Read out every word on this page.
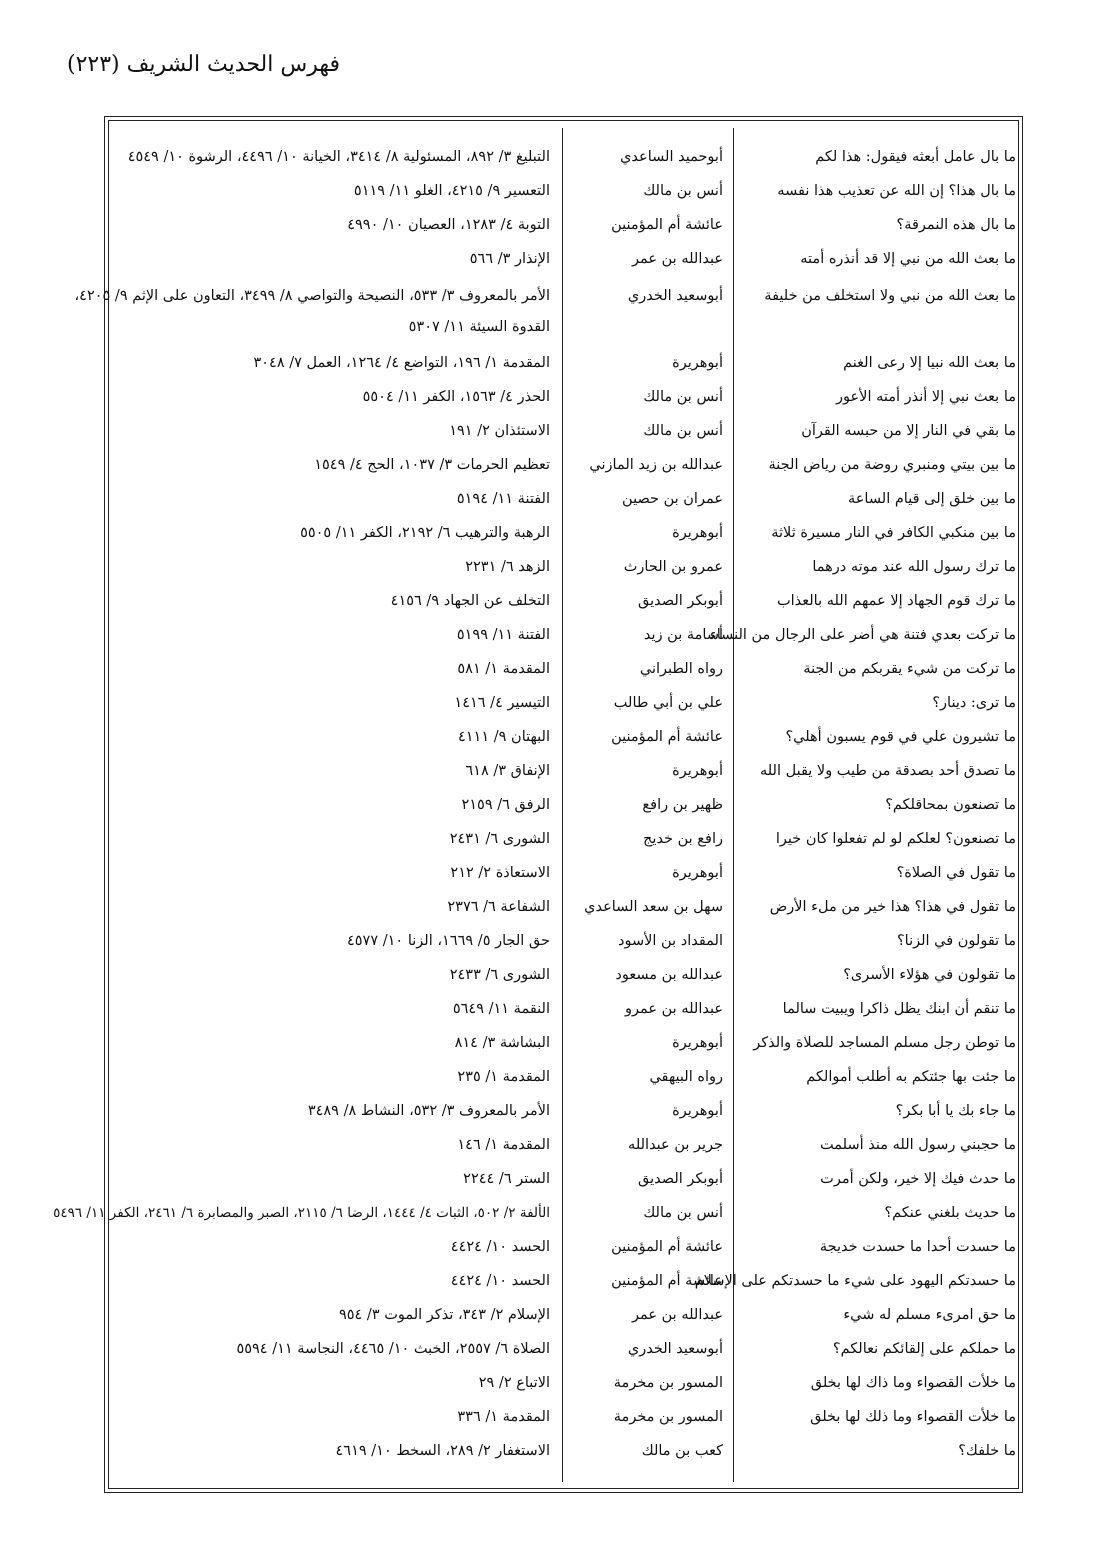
فهرس الحديث الشريف (٢٢٣)
ما بال عامل أبعثه فيقول: هذا لكم
أبوحميد الساعدي
التبليغ ٣/ ٨٩٢، المسئولية ٨/ ٣٤١٤، الخيانة ١٠/ ٤٤٩٦، الرشوة ١٠/ ٤٥٤٩
ما بال هذا؟ إن الله عن تعذيب هذا نفسه
أنس بن مالك
التعسير ٩/ ٤٢١٥، الغلو ١١/ ٥١١٩
ما بال هذه النمرقة؟
عائشة أم المؤمنين
التوبة ٤/ ١٢٨٣، العصيان ١٠/ ٤٩٩٠
ما بعث الله من نبي إلا قد أنذره أمته
عبدالله بن عمر
الإنذار ٣/ ٥٦٦
ما بعث الله من نبي ولا استخلف من خليفة
أبوسعيد الخدري
الأمر بالمعروف ٣/ ٥٣٣، النصيحة والتواصي ٨/ ٣٤٩٩، التعاون على الإثم ٩/ ٤٢٠٥،
القدوة السيئة ١١/ ٥٣٠٧
ما بعث الله نبيا إلا رعى الغنم
أبوهريرة
المقدمة ١/ ١٩٦، التواضع ٤/ ١٢٦٤، العمل ٧/ ٣٠٤٨
ما بعث نبي إلا أنذر أمته الأعور
أنس بن مالك
الحذر ٤/ ١٥٦٣، الكفر ١١/ ٥٥٠٤
ما بقي في النار إلا من حبسه القرآن
أنس بن مالك
الاستئذان ٢/ ١٩١
ما بين بيتي ومنبري روضة من رياض الجنة
عبدالله بن زيد المازني
تعظيم الحرمات ٣/ ١٠٣٧، الحج ٤/ ١٥٤٩
ما بين خلق إلى قيام الساعة
عمران بن حصين
الفتنة ١١/ ٥١٩٤
ما بين منكبي الكافر في النار مسيرة ثلاثة
أبوهريرة
الرهبة والترهيب ٦/ ٢١٩٢، الكفر ١١/ ٥٥٠٥
ما ترك رسول الله عند موته درهما
عمرو بن الحارث
الزهد ٦/ ٢٢٣١
ما ترك قوم الجهاد إلا عمهم الله بالعذاب
أبوبكر الصديق
التخلف عن الجهاد ٩/ ٤١٥٦
ما تركت بعدي فتنة هي أضر على الرجال من النساء
أسامة بن زيد
الفتنة ١١/ ٥١٩٩
ما تركت من شيء يقربكم من الجنة
رواه الطبراني
المقدمة ١/ ٥٨١
ما ترى: دينار؟
علي بن أبي طالب
التيسير ٤/ ١٤١٦
ما تشيرون علي في قوم يسبون أهلي؟
عائشة أم المؤمنين
البهتان ٩/ ٤١١١
ما تصدق أحد بصدقة من طيب ولا يقبل الله
أبوهريرة
الإنفاق ٣/ ٦١٨
ما تصنعون بمحاقلكم؟
ظهير بن رافع
الرفق ٦/ ٢١٥٩
ما تصنعون؟ لعلكم لو لم تفعلوا كان خيرا
رافع بن خديج
الشورى ٦/ ٢٤٣١
ما تقول في الصلاة؟
أبوهريرة
الاستعاذة ٢/ ٢١٢
ما تقول في هذا؟ هذا خير من ملء الأرض
سهل بن سعد الساعدي
الشفاعة ٦/ ٢٣٧٦
ما تقولون في الزنا؟
المقداد بن الأسود
حق الجار ٥/ ١٦٦٩، الزنا ١٠/ ٤٥٧٧
ما تقولون في هؤلاء الأسرى؟
عبدالله بن مسعود
الشورى ٦/ ٢٤٣٣
ما تنقم أن ابنك يظل ذاكرا ويبيت سالما
عبدالله بن عمرو
النقمة ١١/ ٥٦٤٩
ما توطن رجل مسلم المساجد للصلاة والذكر
أبوهريرة
البشاشة ٣/ ٨١٤
ما جئت بها جئتكم به أطلب أموالكم
رواه البيهقي
المقدمة ١/ ٢٣٥
ما جاء بك يا أبا بكر؟
أبوهريرة
الأمر بالمعروف ٣/ ٥٣٢، النشاط ٨/ ٣٤٨٩
ما حجبني رسول الله منذ أسلمت
جرير بن عبدالله
المقدمة ١/ ١٤٦
ما حدث فيك إلا خير، ولكن أمرت
أبوبكر الصديق
الستر ٦/ ٢٢٤٤
ما حديث بلغني عنكم؟
أنس بن مالك
الألفة ٢/ ٥٠٢، الثبات ٤/ ١٤٤٤، الرضا ٦/ ٢١١٥، الصبر والمصابرة ٦/ ٢٤٦١، الكفر ١١/ ٥٤٩٦
ما حسدت أحدا ما حسدت خديجة
عائشة أم المؤمنين
الحسد ١٠/ ٤٤٢٤
ما حسدتكم اليهود على شيء ما حسدتكم على الإسلام
عائشة أم المؤمنين
الحسد ١٠/ ٤٤٢٤
ما حق امرىء مسلم له شيء
عبدالله بن عمر
الإسلام ٢/ ٣٤٣، تذكر الموت ٣/ ٩٥٤
ما حملكم على إلقائكم نعالكم؟
أبوسعيد الخدري
الصلاة ٦/ ٢٥٥٧، الخبث ١٠/ ٤٤٦٥، النجاسة ١١/ ٥٥٩٤
ما خلأت القصواء وما ذاك لها بخلق
المسور بن مخرمة
الاتباع ٢/ ٢٩
ما خلأت القصواء وما ذلك لها بخلق
المسور بن مخرمة
المقدمة ١/ ٣٣٦
ما خلفك؟
كعب بن مالك
الاستغفار ٢/ ٢٨٩، السخط ١٠/ ٤٦١٩
